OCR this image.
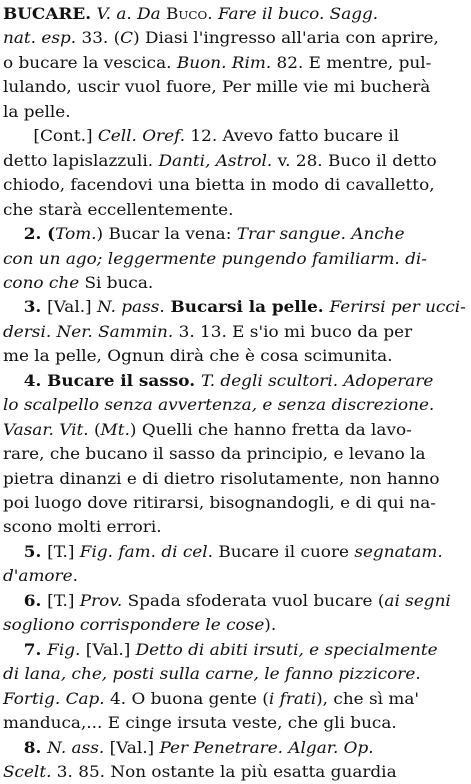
BUCARE. V. a. Da Buco. Fare il buco. Sagg.
nat. esp. 33. (C) Diasi l'ingresso all'aria con aprire,
o bucare la vescica. Buon. Rim. 82. E mentre, pul-
lulando, uscir vuol fuore, Per mille vie mi bucherà
la pelle.
[Cont.] Cell. Oref. 12. Avevo fatto bucare il
detto lapislazzuli. Danti, Astrol. v. 28. Buco il detto
chiodo, facendovi una bietta in modo di cavalletto,
che starà eccellentemente.
2. (Tom.) Bucar la vena: Trar sangue. Anche
con un ago; leggermente pungendo familiarm. di-
cono che Si buca.
3. [Val.] N. pass. Bucarsi la pelle. Ferirsi per ucci-
dersi. Ner. Sammin. 3. 13. E s'io mi buco da per
me la pelle, Ognun dirà che è cosa scimunita.
4. Bucare il sasso. T. degli scultori. Adoperare
lo scalpello senza avvertenza, e senza discrezione.
Vasar. Vit. (Mt.) Quelli che hanno fretta da lavo-
rare, che bucano il sasso da principio, e levano la
pietra dinanzi e di dietro risolutamente, non hanno
poi luogo dove ritirarsi, bisognandogli, e di qui na-
scono molti errori.
5. [T.] Fig. fam. di cel. Bucare il cuore segnatam.
d'amore.
6. [T.] Prov. Spada sfoderata vuol bucare (ai segni
sogliono corrispondere le cose).
7. Fig. [Val.] Detto di abiti irsuti, e specialmente
di lana, che, posti sulla carne, le fanno pizzicore.
Fortig. Cap. 4. O buona gente (i frati), che sì ma'
manduca,... E cinge irsuta veste, che gli buca.
8. N. ass. [Val.] Per Penetrare. Algar. Op.
Scelt. 3. 85. Non ostante la più esatta guardia
